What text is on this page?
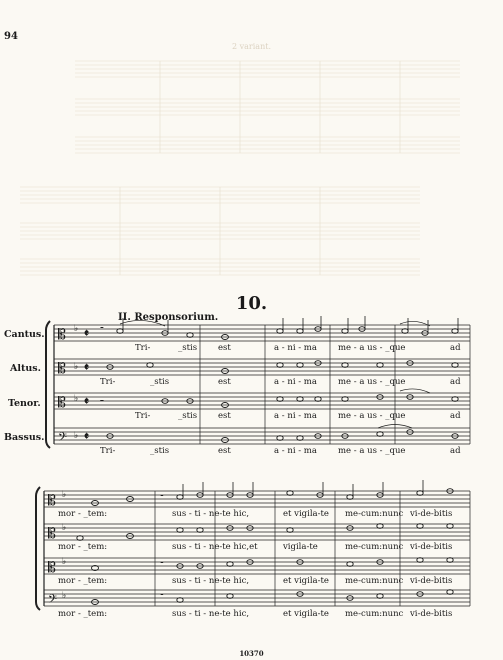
94
2 variant.
10.
II. Responsorium.
Cantus.
Altus.
Tenor.
Bassus.
𝄡
𝄡
𝄡
𝄢
𝄡
𝄡
𝄡
𝄢
♭
♭
♭
♭
♭
♭
♭
♭
𝄵
𝄵
𝄵
𝄵
𝄻
𝄻
𝄻
𝄻
𝄻
Tri-	_stis est	a - ni - ma me - a us - _que	ad
Tri-	_stis	est	a - ni - ma me - a us - _que	ad
Tri-	_stis est	a - ni - ma me - a us - _que	ad
Tri-	_stis	est	a - ni - ma me - a us - _que	ad
mor - _tem:	sus - ti - ne-te hic,	et vigila-te me-cum:nunc vi-de-bitis
mor - _tem:	sus - ti - ne-te hic,et	vigila-te	me-cum:nunc vi-de-bitis
mor - _tem:	sus - ti - ne-te hic,	et vigila-te me-cum:nunc vi-de-bitis
mor - _tem:	sus - ti - ne-te hic,	et vigila-te me-cum:nunc vi-de-bitis
10370
